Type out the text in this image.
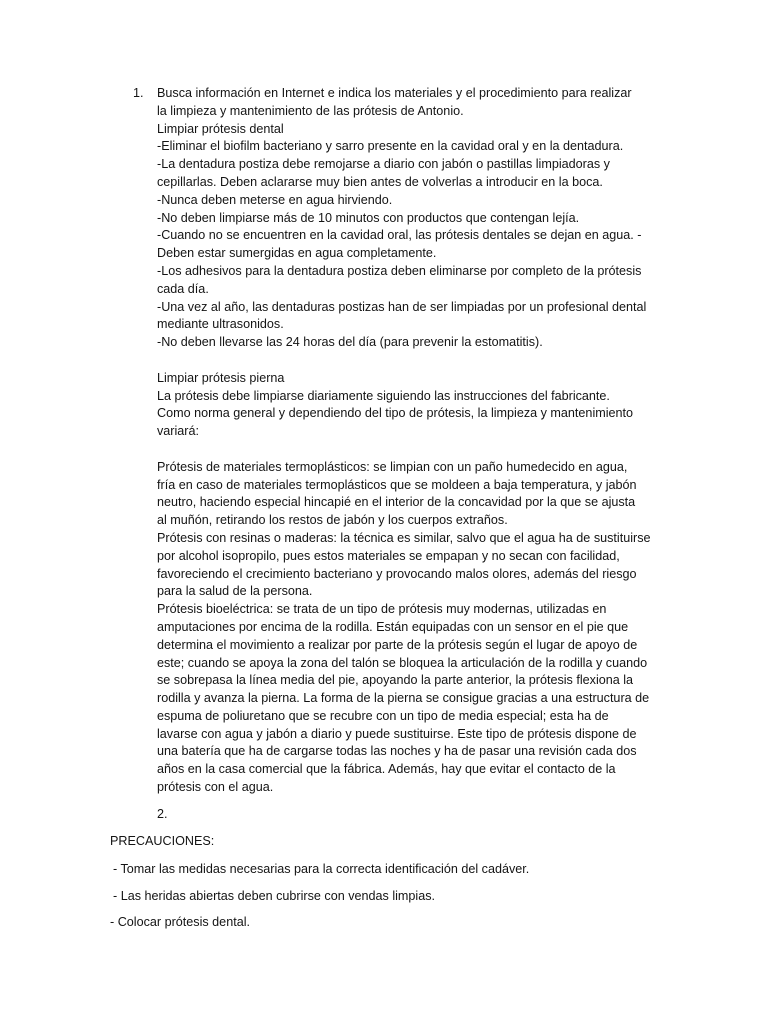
1. Busca información en Internet e indica los materiales y el procedimiento para realizar
la limpieza y mantenimiento de las prótesis de Antonio.
Limpiar prótesis dental
-Eliminar el biofilm bacteriano y sarro presente en la cavidad oral y en la dentadura.
-La dentadura postiza debe remojarse a diario con jabón o pastillas limpiadoras y
cepillarlas. Deben aclararse muy bien antes de volverlas a introducir en la boca.
-Nunca deben meterse en agua hirviendo.
-No deben limpiarse más de 10 minutos con productos que contengan lejía.
-Cuando no se encuentren en la cavidad oral, las prótesis dentales se dejan en agua. -
Deben estar sumergidas en agua completamente.
-Los adhesivos para la dentadura postiza deben eliminarse por completo de la prótesis
cada día.
-Una vez al año, las dentaduras postizas han de ser limpiadas por un profesional dental
mediante ultrasonidos.
-No deben llevarse las 24 horas del día (para prevenir la estomatitis).
Limpiar prótesis pierna
La prótesis debe limpiarse diariamente siguiendo las instrucciones del fabricante.
Como norma general y dependiendo del tipo de prótesis, la limpieza y mantenimiento
variará:
Prótesis de materiales termoplásticos: se limpian con un paño humedecido en agua,
fría en caso de materiales termoplásticos que se moldeen a baja temperatura, y jabón
neutro, haciendo especial hincapié en el interior de la concavidad por la que se ajusta
al muñón, retirando los restos de jabón y los cuerpos extraños.
Prótesis con resinas o maderas: la técnica es similar, salvo que el agua ha de sustituirse
por alcohol isopropilo, pues estos materiales se empapan y no secan con facilidad,
favoreciendo el crecimiento bacteriano y provocando malos olores, además del riesgo
para la salud de la persona.
Prótesis bioeléctrica: se trata de un tipo de prótesis muy modernas, utilizadas en
amputaciones por encima de la rodilla. Están equipadas con un sensor en el pie que
determina el movimiento a realizar por parte de la prótesis según el lugar de apoyo de
este; cuando se apoya la zona del talón se bloquea la articulación de la rodilla y cuando
se sobrepasa la línea media del pie, apoyando la parte anterior, la prótesis flexiona la
rodilla y avanza la pierna. La forma de la pierna se consigue gracias a una estructura de
espuma de poliuretano que se recubre con un tipo de media especial; esta ha de
lavarse con agua y jabón a diario y puede sustituirse. Este tipo de prótesis dispone de
una batería que ha de cargarse todas las noches y ha de pasar una revisión cada dos
años en la casa comercial que la fábrica. Además, hay que evitar el contacto de la
prótesis con el agua.
2.
PRECAUCIONES:
- Tomar las medidas necesarias para la correcta identificación del cadáver.
- Las heridas abiertas deben cubrirse con vendas limpias.
- Colocar prótesis dental.
